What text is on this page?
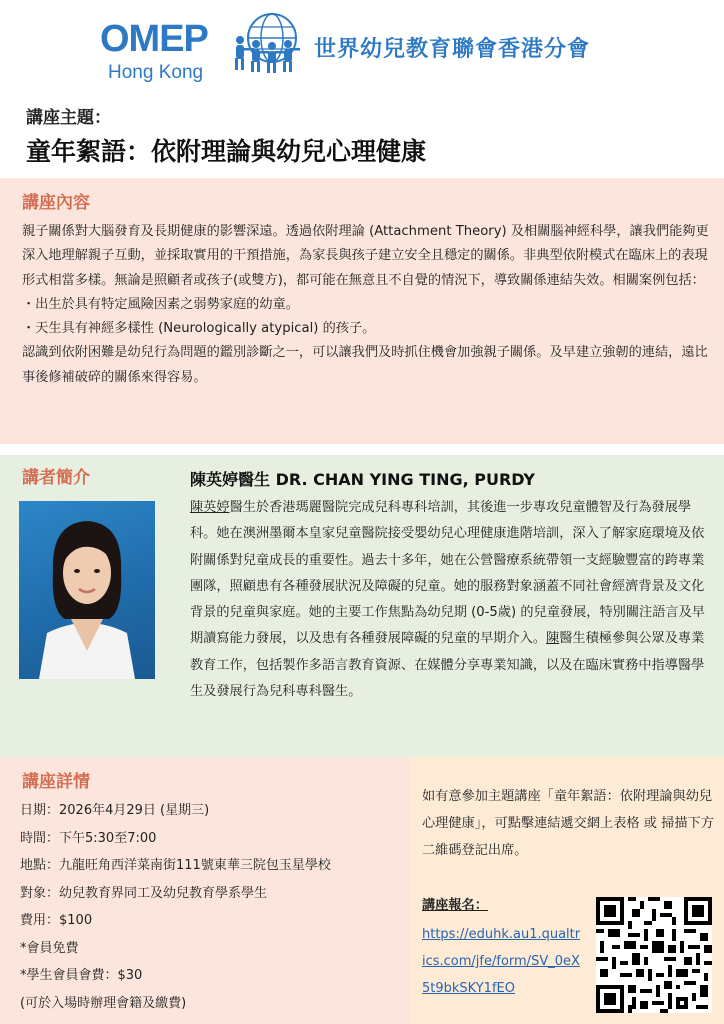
OMEP
Hong Kong
世界幼兒教育聯會香港分會
講座主題：
童年絮語：依附理論與幼兒心理健康
講座內容

親子關係對大腦發育及長期健康的影響深遠。透過依附理論 (Attachment Theory) 及相關腦神經科學，讓我們能夠更深入地理解親子互動，並採取實用的干預措施，為家長與孩子建立安全且穩定的關係。非典型依附模式在臨床上的表現形式相當多樣。無論是照顧者或孩子(或雙方)，都可能在無意且不自覺的情況下，導致關係連結失效。相關案例包括：

・出生於具有特定風險因素之弱勢家庭的幼童。

・天生具有神經多樣性 (Neurologically atypical) 的孩子。

認識到依附困難是幼兒行為問題的鑑別診斷之一，可以讓我們及時抓住機會加強親子關係。及早建立強韌的連結，遠比事後修補破碎的關係來得容易。

講者簡介	陳英婷醫生 DR. CHAN YING TING, PURDY
陳英婷醫生於香港瑪麗醫院完成兒科專科培訓，其後進一步專攻兒童體智及行為發展學科。她在澳洲墨爾本皇家兒童醫院接受嬰幼兒心理健康進階培訓，深入了解家庭環境及依附關係對兒童成長的重要性。過去十多年，她在公營醫療系統帶領一支經驗豐富的跨專業團隊，照顧患有各種發展狀況及障礙的兒童。她的服務對象涵蓋不同社會經濟背景及文化背景的兒童與家庭。她的主要工作焦點為幼兒期 (0-5歲) 的兒童發展，特別關注語言及早期讀寫能力發展，以及患有各種發展障礙的兒童的早期介入。陳醫生積極參與公眾及專業教育工作，包括製作多語言教育資源、在媒體分享專業知識，以及在臨床實務中指導醫學生及發展行為兒科專科醫生。
講座詳情
日期：2026年4月29日 (星期三)
時間：下午5:30至7:00
地點：九龍旺角西洋菜南街111號東華三院包玉星學校
對象：幼兒教育界同工及幼兒教育學系學生
費用：$100
*會員免費
*學生會員會費：$30
(可於入場時辦理會籍及繳費)
如有意參加主題講座「童年絮語：依附理論與幼兒心理健康」，可點擊連結遞交網上表格 或 掃描下方二維碼登記出席。
講座報名：
https://eduhk.au1.qualtrics.com/jfe/form/SV_0eX5t9bkSKY1fEO
